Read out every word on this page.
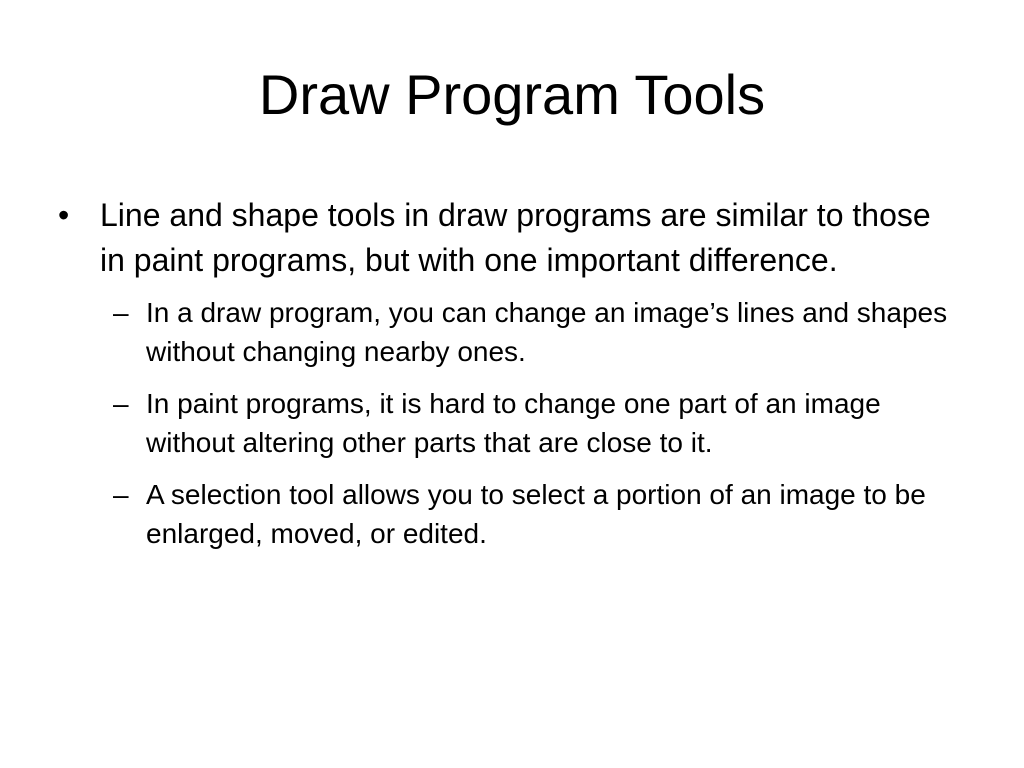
Draw Program Tools
• Line and shape tools in draw programs are similar to those in paint programs, but with one important difference.
– In a draw program, you can change an image’s lines and shapes without changing nearby ones.
– In paint programs, it is hard to change one part of an image without altering other parts that are close to it.
– A selection tool allows you to select a portion of an image to be enlarged, moved, or edited.
